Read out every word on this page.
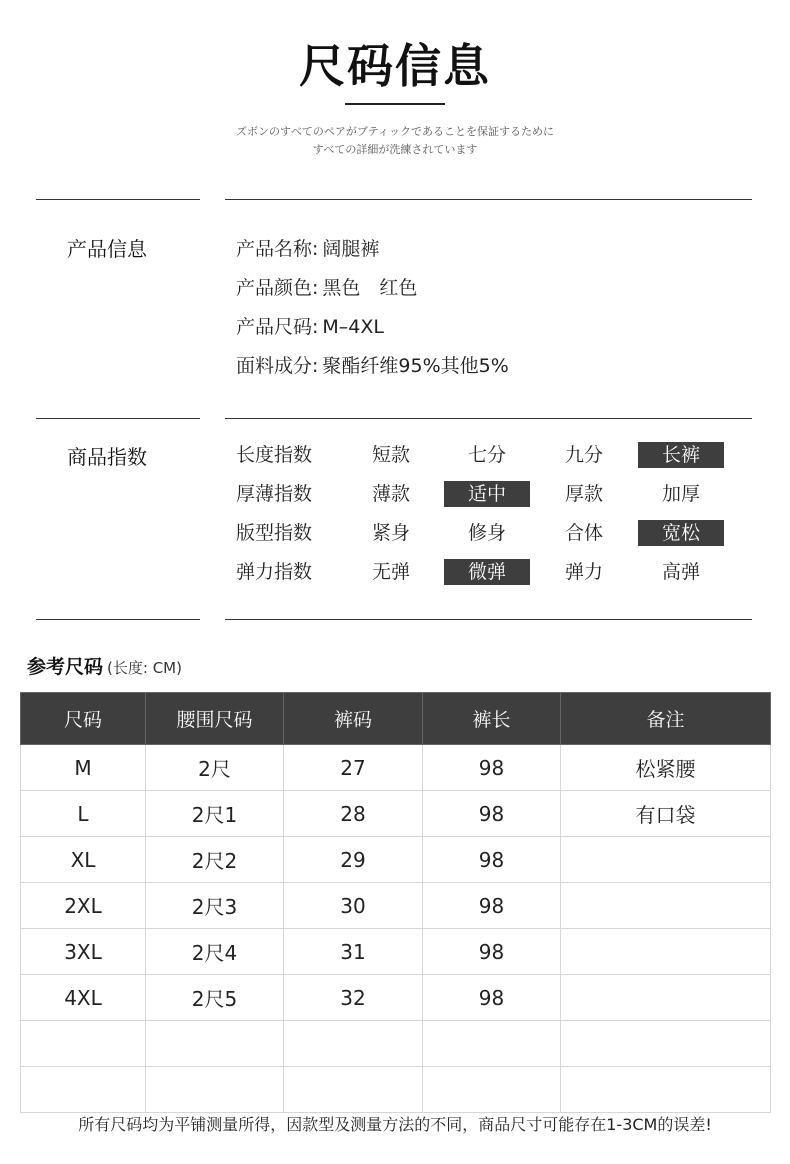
尺码信息
ズボンのすべてのペアがブティックであることを保証するために
すべての詳細が洗練されています
产品信息	产品名称: 阔腿裤
产品颜色: 黑色　红色
产品尺码: M–4XL
面料成分: 聚酯纤维95%其他5%
商品指数	长度指数	短款	七分	九分	长裤
厚薄指数	薄款	适中	厚款	加厚
版型指数	紧身	修身	合体	宽松
弹力指数	无弹	微弹	弹力	高弹
参考尺码 (长度: CM)
尺码	腰围尺码	裤码	裤长	备注
M	2尺	27	98	松紧腰
L	2尺1	28	98	有口袋
XL	2尺2	29	98	
2XL	2尺3	30	98	
3XL	2尺4	31	98	
4XL	2尺5	32	98	

所有尺码均为平铺测量所得，因款型及测量方法的不同，商品尺寸可能存在1-3CM的误差!
